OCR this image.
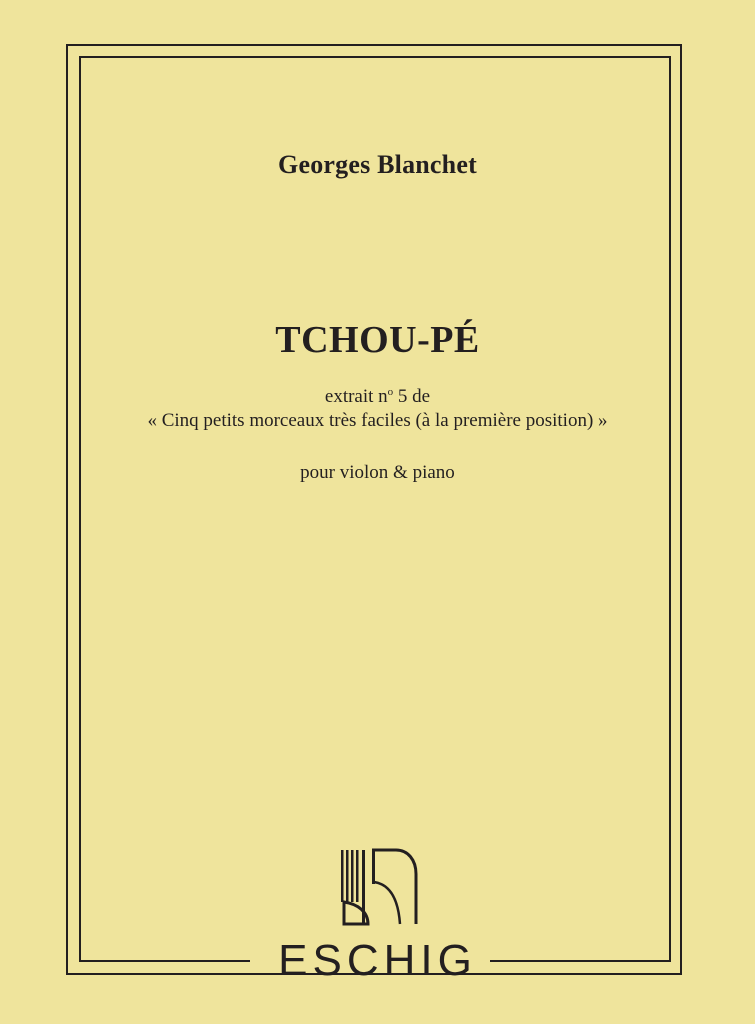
Georges Blanchet
TCHOU-PÉ
extrait $n^o$ 5 de
« Cinq petits morceaux très faciles (à la première position) »
pour violon & piano
ESCHIG
